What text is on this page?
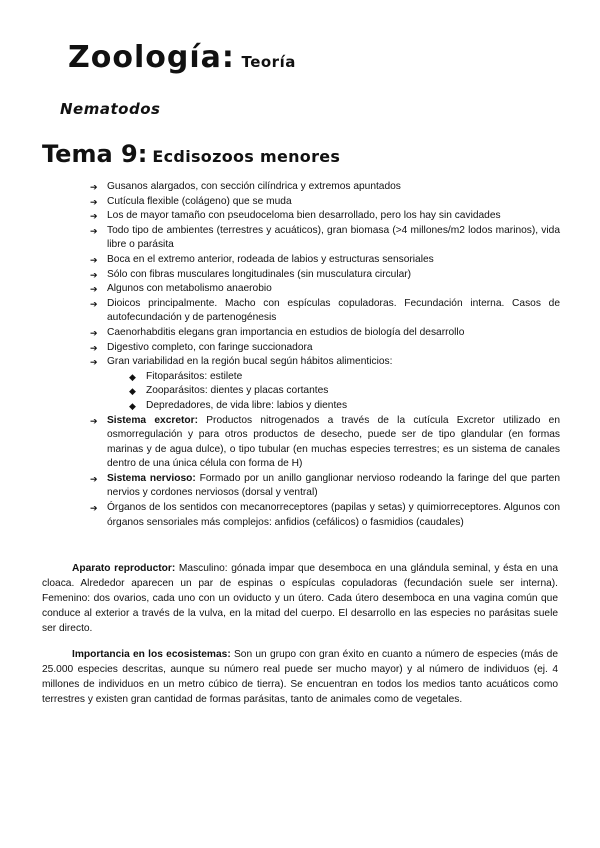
Zoología: Teoría
Nematodos
Tema 9: Ecdisozoos menores
➔ Gusanos alargados, con sección cilíndrica y extremos apuntados
➔ Cutícula flexible (colágeno) que se muda
➔ Los de mayor tamaño con pseudoceloma bien desarrollado, pero los hay sin cavidades
➔ Todo tipo de ambientes (terrestres y acuáticos), gran biomasa (>4 millones/m2 lodos marinos), vida libre o parásita
➔ Boca en el extremo anterior, rodeada de labios y estructuras sensoriales
➔ Sólo con fibras musculares longitudinales (sin musculatura circular)
➔ Algunos con metabolismo anaerobio
➔ Dioicos principalmente. Macho con espículas copuladoras. Fecundación interna. Casos de autofecundación y de partenogénesis
➔ Caenorhabditis elegans gran importancia en estudios de biología del desarrollo
➔ Digestivo completo, con faringe succionadora
➔ Gran variabilidad en la región bucal según hábitos alimenticios:
◆ Fitoparásitos: estilete
◆ Zooparásitos: dientes y placas cortantes
◆ Depredadores, de vida libre: labios y dientes
➔ Sistema excretor: Productos nitrogenados a través de la cutícula Excretor utilizado en osmorregulación y para otros productos de desecho, puede ser de tipo glandular (en formas marinas y de agua dulce), o tipo tubular (en muchas especies terrestres; es un sistema de canales dentro de una única célula con forma de H)
➔ Sistema nervioso: Formado por un anillo ganglionar nervioso rodeando la faringe del que parten nervios y cordones nerviosos (dorsal y ventral)
➔ Órganos de los sentidos con mecanorreceptores (papilas y setas) y quimiorreceptores. Algunos con órganos sensoriales más complejos: anfidios (cefálicos) o fasmidios (caudales)

Aparato reproductor: Masculino: gónada impar que desemboca en una glándula seminal, y ésta en una cloaca. Alrededor aparecen un par de espinas o espículas copuladoras (fecundación suele ser interna). Femenino: dos ovarios, cada uno con un oviducto y un útero. Cada útero desemboca en una vagina común que conduce al exterior a través de la vulva, en la mitad del cuerpo. El desarrollo en las especies no parásitas suele ser directo.

Importancia en los ecosistemas: Son un grupo con gran éxito en cuanto a número de especies (más de 25.000 especies descritas, aunque su número real puede ser mucho mayor) y al número de individuos (ej. 4 millones de individuos en un metro cúbico de tierra). Se encuentran en todos los medios tanto acuáticos como terrestres y existen gran cantidad de formas parásitas, tanto de animales como de vegetales.
